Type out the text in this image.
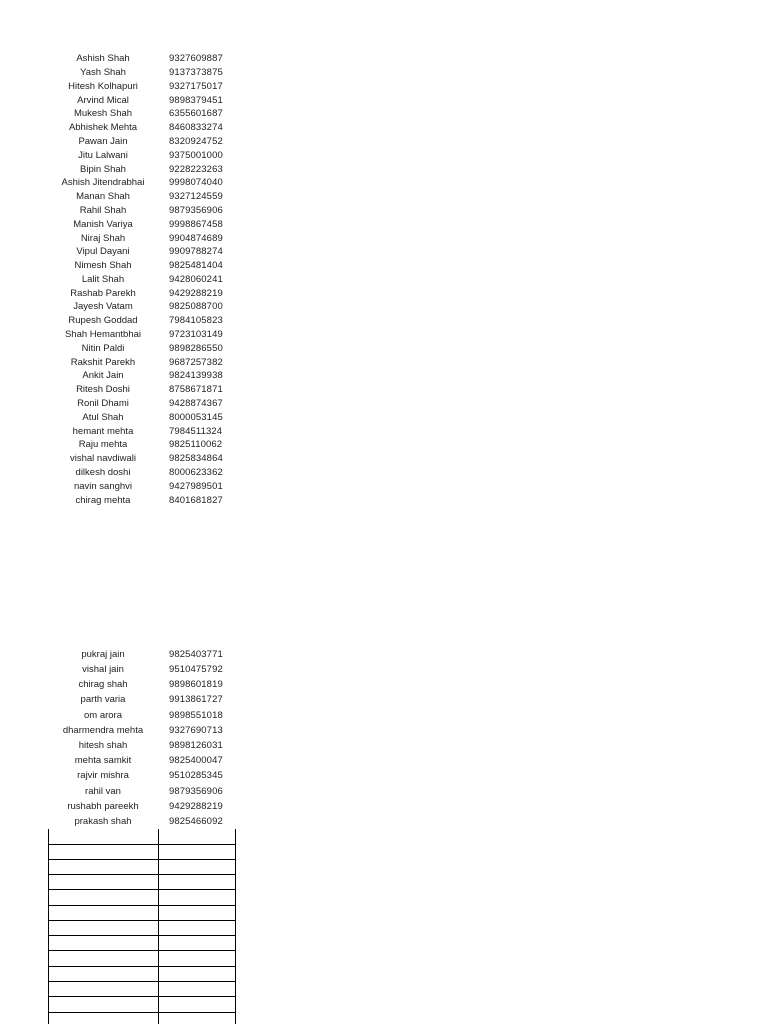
Ashish Shah	9327609887
Yash Shah	9137373875
Hitesh Kolhapuri	9327175017
Arvind Mical	9898379451
Mukesh Shah	6355601687
Abhishek Mehta	8460833274
Pawan Jain	8320924752
Jitu Lalwani	9375001000
Bipin Shah	9228223263
Ashish Jitendrabhai	9998074040
Manan Shah	9327124559
Rahil Shah	9879356906
Manish Variya	9998867458
Niraj Shah	9904874689
Vipul Dayani	9909788274
Nimesh Shah	9825481404
Lalit Shah	9428060241
Rashab Parekh	9429288219
Jayesh Vatam	9825088700
Rupesh Goddad	7984105823
Shah Hemantbhai	9723103149
Nitin Paldi	9898286550
Rakshit Parekh	9687257382
Ankit Jain	9824139938
Ritesh Doshi	8758671871
Ronil Dhami	9428874367
Atul Shah	8000053145
hemant mehta	7984511324
Raju mehta	9825110062
vishal navdiwali	9825834864
dilkesh doshi	8000623362
navin sanghvi	9427989501
chirag mehta	8401681827
pukraj jain	9825403771
vishal jain	9510475792
chirag shah	9898601819
parth varia	9913861727
om arora	9898551018
dharmendra mehta	9327690713
hitesh shah	9898126031
mehta samkit	9825400047
rajvir mishra	9510285345
rahil van	9879356906
rushabh pareekh	9429288219
prakash shah	9825466092
